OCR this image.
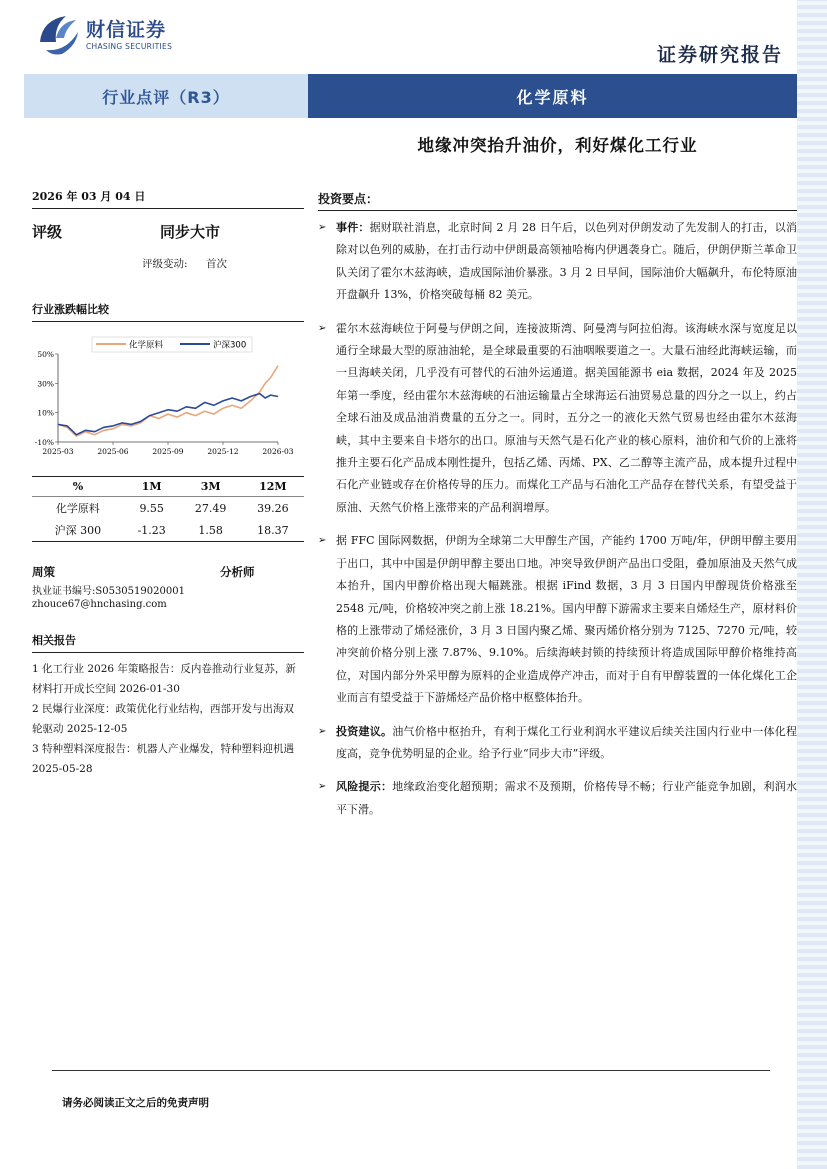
财信证券
CHASING SECURITIES	证券研究报告
行业点评（R3）	化学原料
地缘冲突抬升油价，利好煤化工行业
2026 年 03 月 04 日
评级	同步大市
评级变动:	首次
行业涨跌幅比较
化学原料	沪深300
50%
30%
10%
-10%
2025-03	2025-06	2025-09	2025-12	2026-03
%	1M	3M	12M
化学原料	9.55	27.49	39.26
沪深 300	-1.23	1.58	18.37
周策	分析师
执业证书编号:S0530519020001
zhouce67@hnchasing.com
相关报告
1 化工行业 2026 年策略报告：反内卷推动行业复苏，新材料打开成长空间 2026-01-30
2 民爆行业深度：政策优化行业结构，西部开发与出海双轮驱动 2025-12-05
3 特种塑料深度报告：机器人产业爆发，特种塑料迎机遇 2025-05-28
投资要点：
➢ 事件：据财联社消息，北京时间 2 月 28 日午后，以色列对伊朗发动了先发制人的打击，以消除对以色列的威胁，在打击行动中伊朗最高领袖哈梅内伊遇袭身亡。随后，伊朗伊斯兰革命卫队关闭了霍尔木兹海峡，造成国际油价暴涨。3 月 2 日早间，国际油价大幅飙升，布伦特原油开盘飙升 13%，价格突破每桶 82 美元。
➢ 霍尔木兹海峡位于阿曼与伊朗之间，连接波斯湾、阿曼湾与阿拉伯海。该海峡水深与宽度足以通行全球最大型的原油油轮，是全球最重要的石油咽喉要道之一。大量石油经此海峡运输，而一旦海峡关闭，几乎没有可替代的石油外运通道。据美国能源书 eia 数据，2024 年及 2025 年第一季度，经由霍尔木兹海峡的石油运输量占全球海运石油贸易总量的四分之一以上，约占全球石油及成品油消费量的五分之一。同时，五分之一的液化天然气贸易也经由霍尔木兹海峡，其中主要来自卡塔尔的出口。原油与天然气是石化产业的核心原料，油价和气价的上涨将推升主要石化产品成本刚性提升，包括乙烯、丙烯、PX、乙二醇等主流产品，成本提升过程中石化产业链或存在价格传导的压力。而煤化工产品与石油化工产品存在替代关系，有望受益于原油、天然气价格上涨带来的产品利润增厚。
➢ 据 FFC 国际网数据，伊朗为全球第二大甲醇生产国，产能约 1700 万吨/年，伊朗甲醇主要用于出口，其中中国是伊朗甲醇主要出口地。冲突导致伊朗产品出口受阻，叠加原油及天然气成本抬升，国内甲醇价格出现大幅跳涨。根据 iFind 数据，3 月 3 日国内甲醇现货价格涨至 2548 元/吨，价格较冲突之前上涨 18.21%。国内甲醇下游需求主要来自烯烃生产，原材料价格的上涨带动了烯烃涨价，3 月 3 日国内聚乙烯、聚丙烯价格分别为 7125、7270 元/吨，较冲突前价格分别上涨 7.87%、9.10%。后续海峡封锁的持续预计将造成国际甲醇价格维持高位，对国内部分外采甲醇为原料的企业造成停产冲击，而对于自有甲醇装置的一体化煤化工企业而言有望受益于下游烯烃产品价格中枢整体抬升。
➢ 投资建议。油气价格中枢抬升，有利于煤化工行业利润水平建议后续关注国内行业中一体化程度高，竞争优势明显的企业。给予行业“同步大市”评级。
➢ 风险提示：地缘政治变化超预期；需求不及预期，价格传导不畅；行业产能竞争加剧，利润水平下滑。
请务必阅读正文之后的免责声明
